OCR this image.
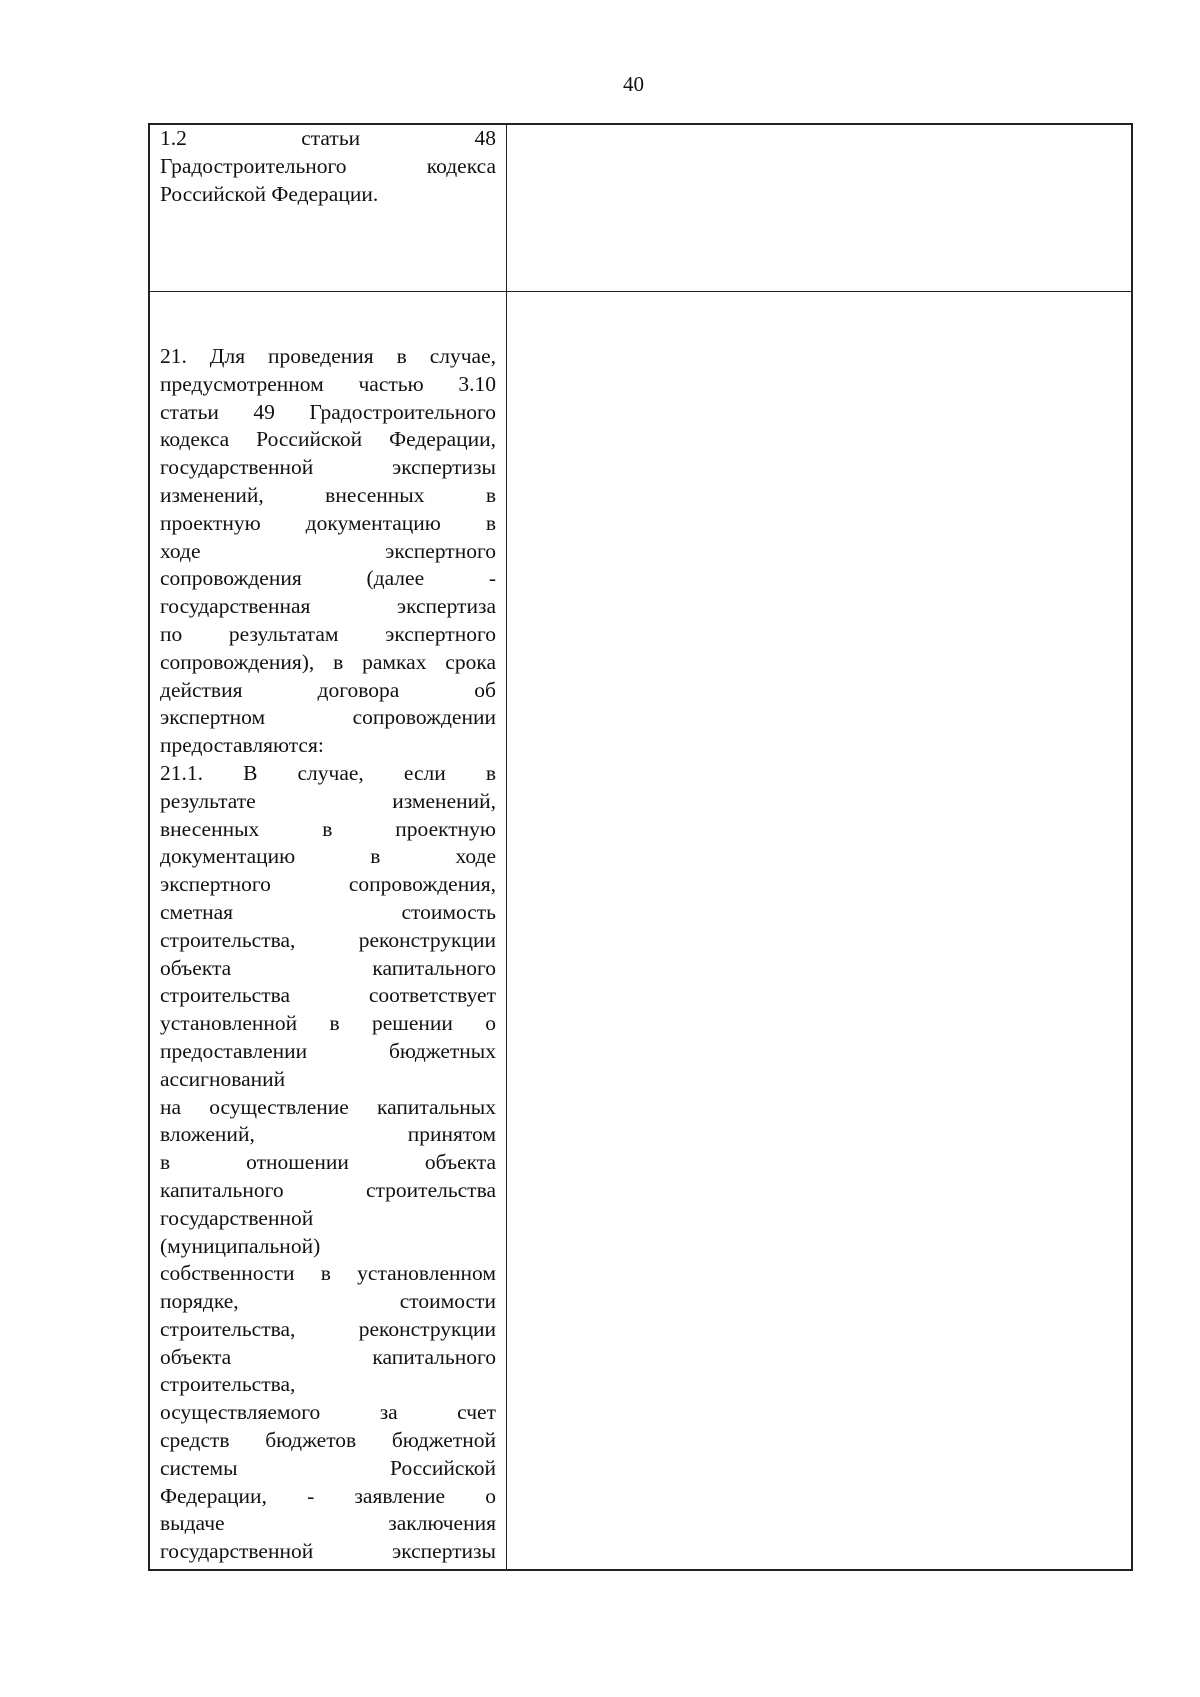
40
1.2 статьи 48
Градостроительного кодекса
Российской Федерации.
21. Для проведения в случае,
предусмотренном частью 3.10
статьи 49 Градостроительного
кодекса Российской Федерации,
государственной экспертизы
изменений, внесенных в
проектную документацию в
ходе экспертного
сопровождения (далее -
государственная экспертиза
по результатам экспертного
сопровождения), в рамках срока
действия договора об
экспертном сопровождении
предоставляются:
21.1. В случае, если в
результате изменений,
внесенных в проектную
документацию в ходе
экспертного сопровождения,
сметная стоимость
строительства, реконструкции
объекта капитального
строительства соответствует
установленной в решении о
предоставлении бюджетных
ассигнований
на осуществление капитальных
вложений, принятом
в отношении объекта
капитального строительства
государственной
(муниципальной)
собственности в установленном
порядке, стоимости
строительства, реконструкции
объекта капитального
строительства,
осуществляемого за счет
средств бюджетов бюджетной
системы Российской
Федерации, - заявление о
выдаче заключения
государственной экспертизы
